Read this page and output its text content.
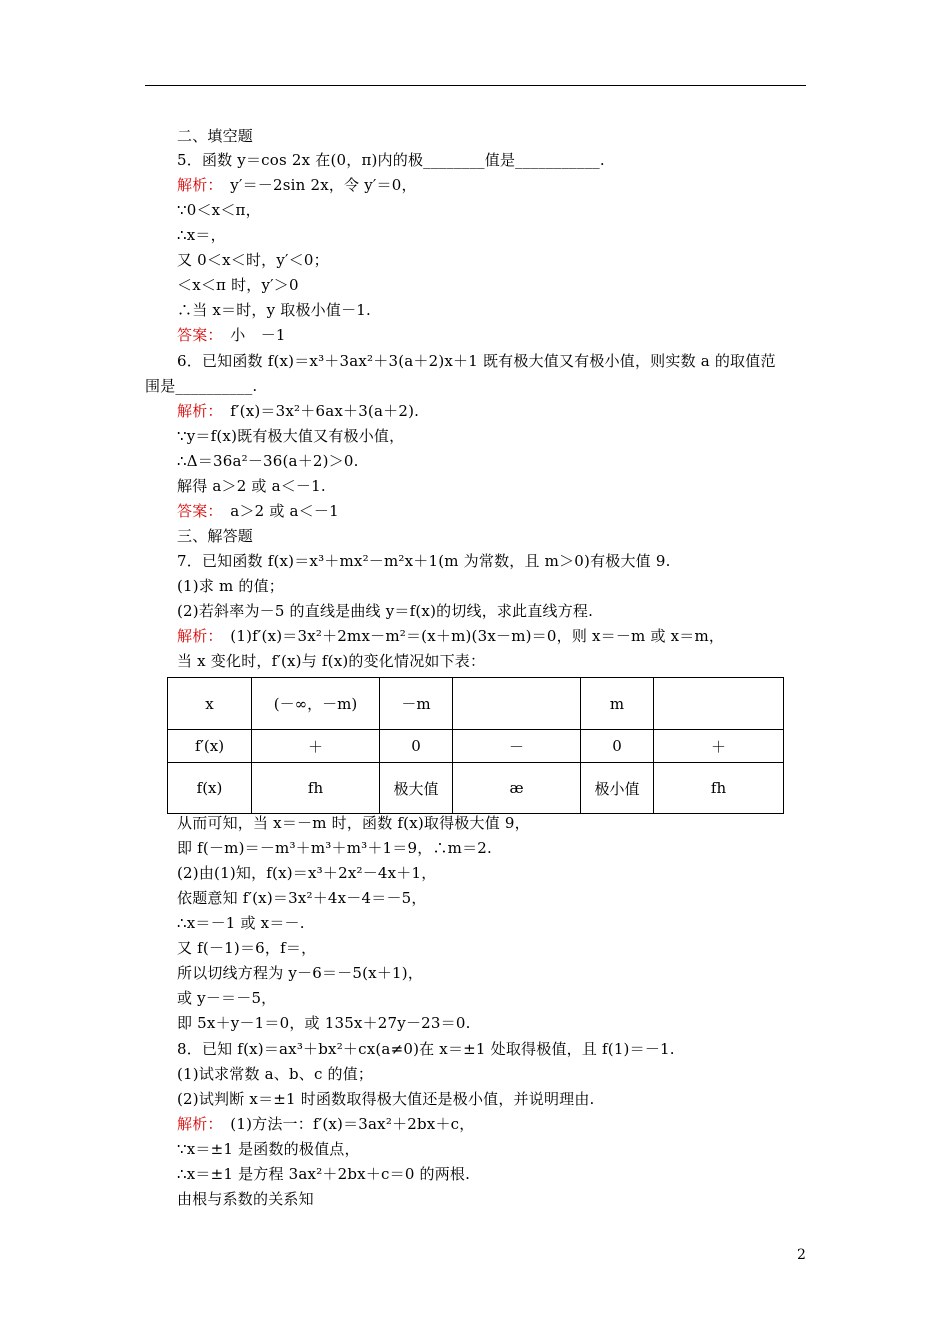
二、填空题
5．函数 y＝cos 2x 在(0，π)内的极________值是___________.
解析：　y′＝－2sin 2x，令 y′＝0，
∵0＜x＜π，
∴x＝，
又 0＜x＜时，y′＜0；
＜x＜π 时，y′＞0
∴当 x＝时，y 取极小值－1.
答案：　小　－1
6．已知函数 f(x)＝x³＋3ax²＋3(a＋2)x＋1 既有极大值又有极小值，则实数 a 的取值范
围是__________.
解析：　f′(x)＝3x²＋6ax＋3(a＋2).
∵y＝f(x)既有极大值又有极小值，
∴Δ＝36a²－36(a＋2)＞0.
解得 a＞2 或 a＜－1.
答案：　a＞2 或 a＜－1
三、解答题
7．已知函数 f(x)＝x³＋mx²－m²x＋1(m 为常数，且 m＞0)有极大值 9.
(1)求 m 的值；
(2)若斜率为－5 的直线是曲线 y＝f(x)的切线，求此直线方程.
解析：　(1)f′(x)＝3x²＋2mx－m²＝(x＋m)(3x－m)＝0，则 x＝－m 或 x＝m，
当 x 变化时，f′(x)与 f(x)的变化情况如下表：
从而可知，当 x＝－m 时，函数 f(x)取得极大值 9，
即 f(－m)＝－m³＋m³＋m³＋1＝9，∴m＝2.
(2)由(1)知，f(x)＝x³＋2x²－4x＋1，
依题意知 f′(x)＝3x²＋4x－4＝－5，
∴x＝－1 或 x＝－.
又 f(－1)＝6，f＝，
所以切线方程为 y－6＝－5(x＋1)，
或 y－＝－5，
即 5x＋y－1＝0，或 135x＋27y－23＝0.
8．已知 f(x)＝ax³＋bx²＋cx(a≠0)在 x＝±1 处取得极值，且 f(1)＝－1.
(1)试求常数 a、b、c 的值；
(2)试判断 x＝±1 时函数取得极大值还是极小值，并说明理由.
解析：　(1)方法一：f′(x)＝3ax²＋2bx＋c，
∵x＝±1 是函数的极值点，
∴x＝±1 是方程 3ax²＋2bx＋c＝0 的两根.
由根与系数的关系知
x	(－∞，－m)	－m		m	
f′(x)	＋	0	－	0	＋
f(x)	fh	极大值	æ	极小值	fh
2
